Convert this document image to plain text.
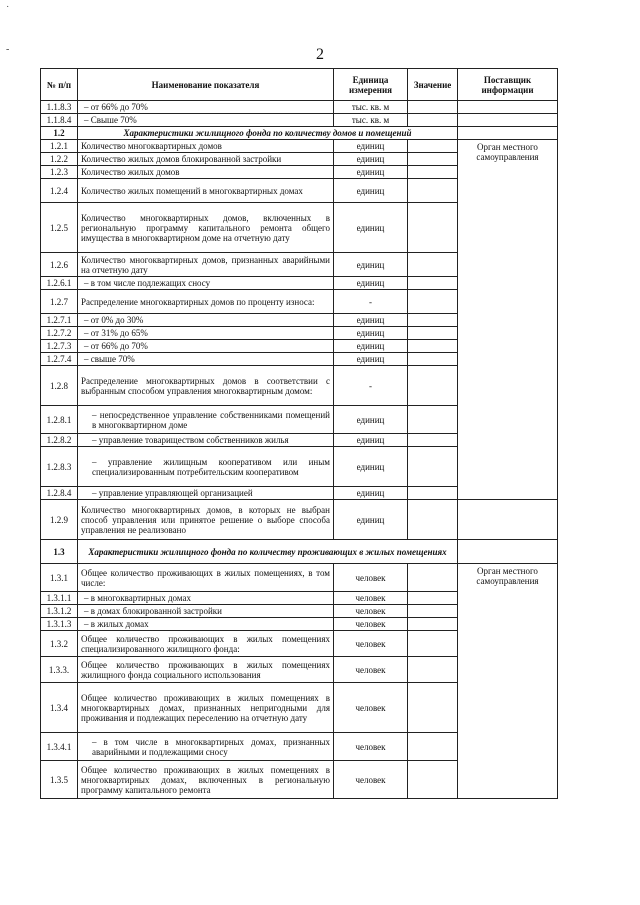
2
˙
-
№ п/п	Наименование показателя	Единица измерения	Значение	Поставщик информации	
1.1.8.3	– от 66% до 70%	тыс. кв. м			
1.1.8.4	– Свыше 70%	тыс. кв. м			
1.2	Характеристики жилищного фонда по количеству домов и помещений				
1.2.1	Количество многоквартирных домов	единиц		Орган местного самоуправления	
1.2.2	Количество жилых домов блокированной застройки	единиц			
1.2.3	Количество жилых домов	единиц			
1.2.4	Количество жилых помещений в многоквартирных домах	единиц			
1.2.5	Количество многоквартирных домов, включенных в региональную программу капитального ремонта общего имущества в многоквартирном доме на отчетную дату	единиц			
1.2.6	Количество многоквартирных домов, признанных аварийными на отчетную дату	единиц			
1.2.6.1	– в том числе подлежащих сносу	единиц			
1.2.7	Распределение многоквартирных домов по проценту износа:	-			
1.2.7.1	– от 0% до 30%	единиц			
1.2.7.2	– от 31% до 65%	единиц			
1.2.7.3	– от 66% до 70%	единиц			
1.2.7.4	– свыше 70%	единиц			
1.2.8	Распределение многоквартирных домов в соответствии с выбранным способом управления многоквартирным домом:	-		
1.2.8.1	– непосредственное управление собственниками помещений в многоквартирном доме	единиц			
1.2.8.2	– управление товариществом собственников жилья	единиц			
1.2.8.3	– управление жилищным кооперативом или иным специализированным потребительским кооперативом	единиц			
1.2.8.4	– управление управляющей организацией	единиц			
1.2.9	Количество многоквартирных домов, в которых не выбран способ управления или принятое решение о выборе способа управления не реализовано	единиц			
1.3	Характеристики жилищного фонда по количеству проживающих в жилых помещениях				
1.3.1	Общее количество проживающих в жилых помещениях, в том числе:	человек		Орган местного самоуправления	
1.3.1.1	– в многоквартирных домах	человек			
1.3.1.2	– в домах блокированной застройки	человек			
1.3.1.3	– в жилых домах	человек			
1.3.2	Общее количество проживающих в жилых помещениях специализированного жилищного фонда:	человек			
1.3.3.	Общее количество проживающих в жилых помещениях жилищного фонда социального использования	человек			
1.3.4	Общее количество проживающих в жилых помещениях в многоквартирных домах, признанных непригодными для проживания и подлежащих переселению на отчетную дату	человек			
1.3.4.1	– в том числе в многоквартирных домах, признанных аварийными и подлежащими сносу	человек			
1.3.5	Общее количество проживающих в жилых помещениях в многоквартирных домах, включенных в региональную программу капитального ремонта	человек			
